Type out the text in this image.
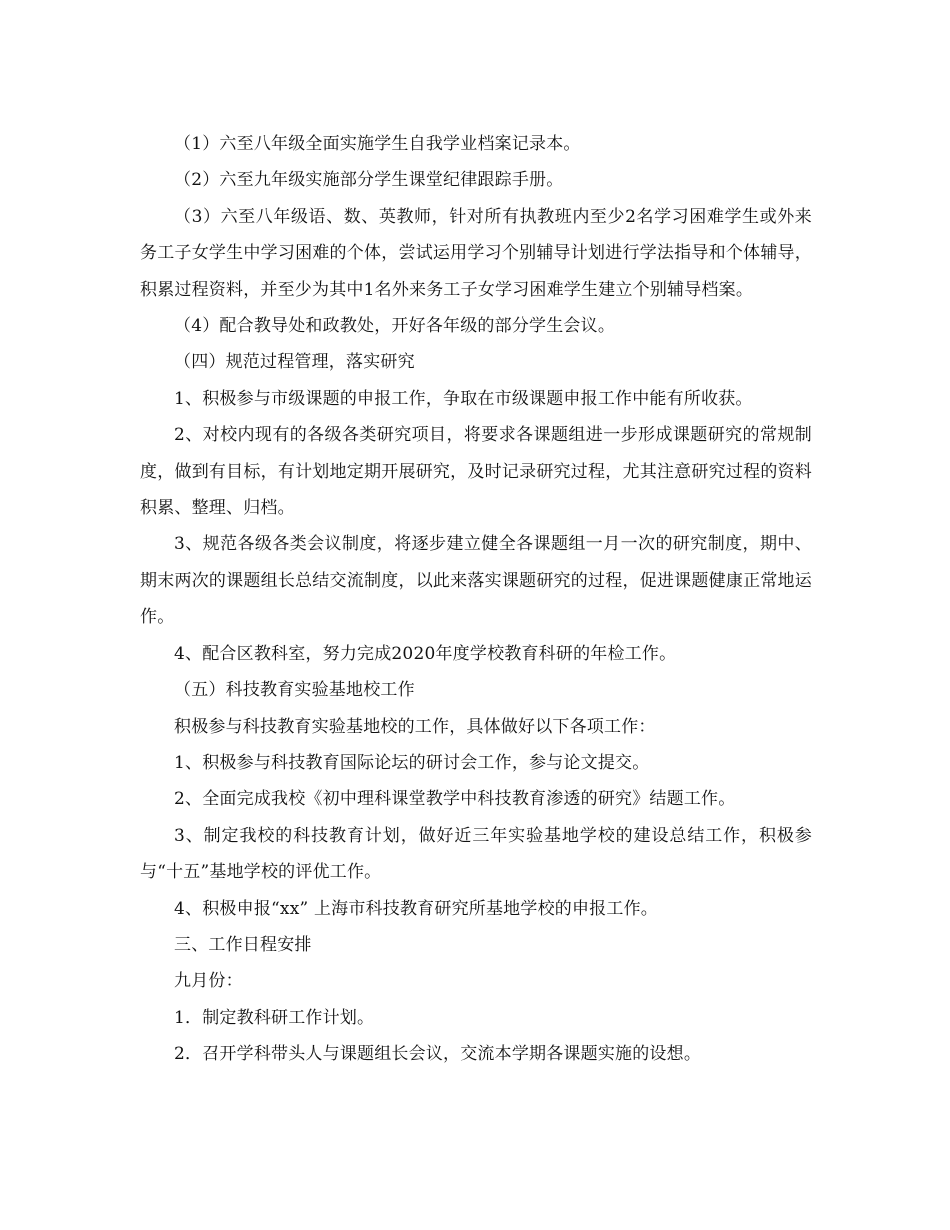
（1）六至八年级全面实施学生自我学业档案记录本。

（2）六至九年级实施部分学生课堂纪律跟踪手册。

（3）六至八年级语、数、英教师，针对所有执教班内至少2名学习困难学生或外来务工子女学生中学习困难的个体，尝试运用学习个别辅导计划进行学法指导和个体辅导，积累过程资料，并至少为其中1名外来务工子女学习困难学生建立个别辅导档案。

（4）配合教导处和政教处，开好各年级的部分学生会议。

（四）规范过程管理，落实研究

1、积极参与市级课题的申报工作，争取在市级课题申报工作中能有所收获。

2、对校内现有的各级各类研究项目，将要求各课题组进一步形成课题研究的常规制度，做到有目标，有计划地定期开展研究，及时记录研究过程，尤其注意研究过程的资料积累、整理、归档。

3、规范各级各类会议制度，将逐步建立健全各课题组一月一次的研究制度，期中、期末两次的课题组长总结交流制度，以此来落实课题研究的过程，促进课题健康正常地运作。

4、配合区教科室，努力完成2020年度学校教育科研的年检工作。

（五）科技教育实验基地校工作

积极参与科技教育实验基地校的工作，具体做好以下各项工作：

1、积极参与科技教育国际论坛的研讨会工作，参与论文提交。

2、全面完成我校《初中理科课堂教学中科技教育渗透的研究》结题工作。

3、制定我校的科技教育计划，做好近三年实验基地学校的建设总结工作，积极参与“十五”基地学校的评优工作。

4、积极申报“xx” 上海市科技教育研究所基地学校的申报工作。

三、工作日程安排

九月份：

1．制定教科研工作计划。

2．召开学科带头人与课题组长会议，交流本学期各课题实施的设想。
